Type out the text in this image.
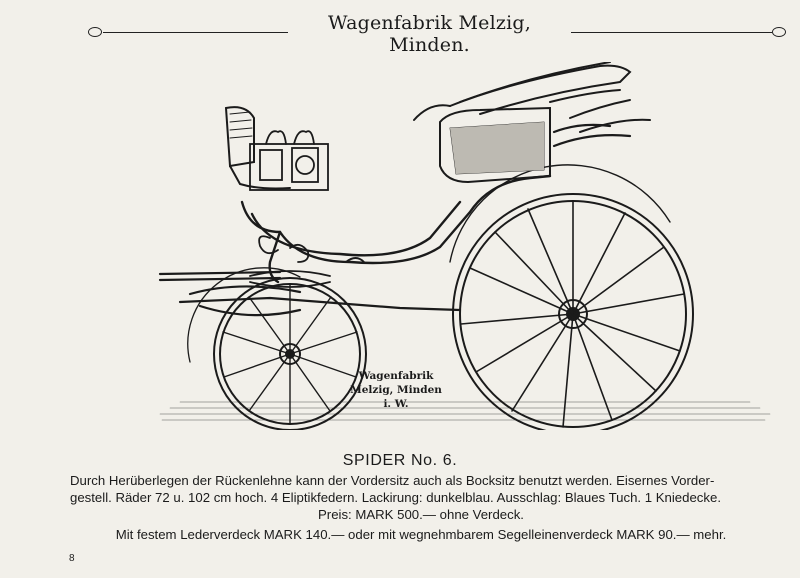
Wagenfabrik Melzig, Minden.
Wagenfabrik
Melzig, Minden i. W.
SPIDER No. 6.

Durch Herüberlegen der Rückenlehne kann der Vordersitz auch als Bocksitz benutzt werden. Eisernes Vorder-

gestell. Räder 72 u. 102 cm hoch. 4 Eliptikfedern. Lackirung: dunkelblau. Ausschlag: Blaues Tuch. 1 Kniedecke.

Preis: MARK 500.— ohne Verdeck.

Mit festem Lederverdeck MARK 140.— oder mit wegnehmbarem Segelleinenverdeck MARK 90.— mehr.

8
